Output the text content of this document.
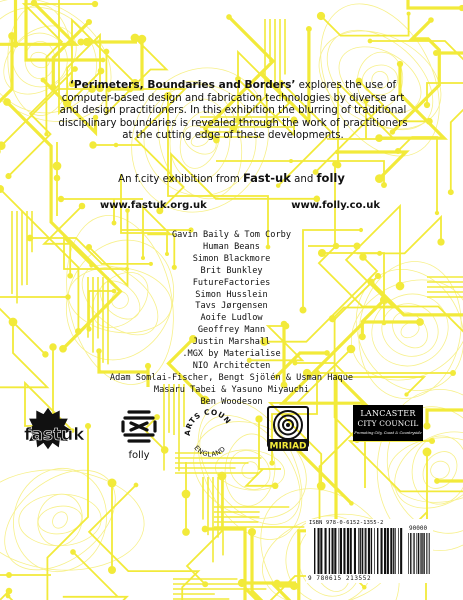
‘Perimeters, Boundaries and Borders’ explores the use of computer-based design and fabrication technologies by diverse art and design practitioners. In this exhibition the blurring of traditional disciplinary boundaries is revealed through the work of practitioners at the cutting edge of these developments.

An f.city exhibition from Fast-uk and folly

www.fastuk.org.uk	www.folly.co.uk
Gavin Baily & Tom Corby
Human Beans
Simon Blackmore
Brit Bunkley
FutureFactories
Simon Husslein
Tavs Jørgensen
Aoife Ludlow
Geoffrey Mann
Justin Marshall
.MGX by Materialise
NIO Architecten
Adam Somlai-Fischer, Bengt Sjölén & Usman Haque
Masaru Tabei & Yasuno Miyauchi
Ben Woodeson
fastuk
folly
ARTS COUN
ENGLAND	MIRIAD
LANCASTER
CITY COUNCIL
Promoting City, Coast & Countryside
ISBN 978-0-6152-1355-2
90000
9 780615 213552
